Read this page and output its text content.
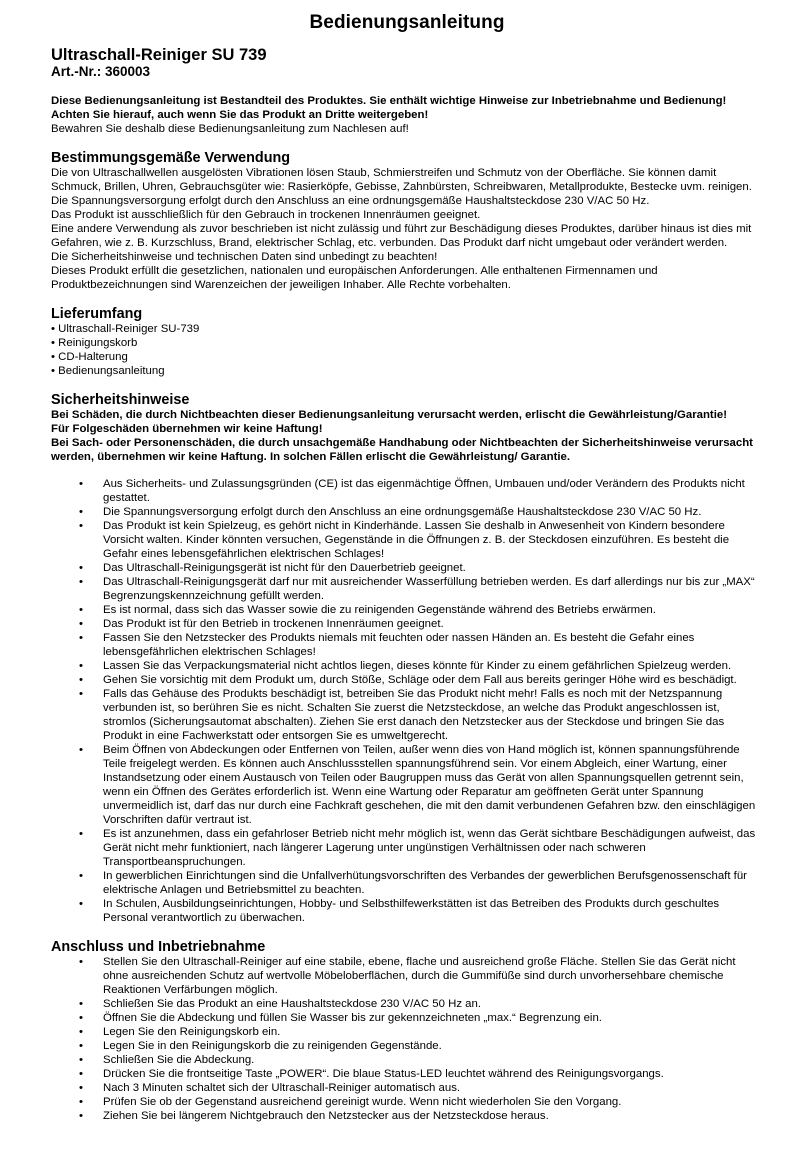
Bedienungsanleitung
Ultraschall-Reiniger SU 739
Art.-Nr.: 360003
Diese Bedienungsanleitung ist Bestandteil des Produktes. Sie enthält wichtige Hinweise zur Inbetriebnahme und Bedienung!
Achten Sie hierauf, auch wenn Sie das Produkt an Dritte weitergeben!
Bewahren Sie deshalb diese Bedienungsanleitung zum Nachlesen auf!
Bestimmungsgemäße Verwendung
Die von Ultraschallwellen ausgelösten Vibrationen lösen Staub, Schmierstreifen und Schmutz von der Oberfläche. Sie können damit Schmuck, Brillen, Uhren, Gebrauchsgüter wie: Rasierköpfe, Gebisse, Zahnbürsten, Schreibwaren, Metallprodukte, Bestecke uvm. reinigen.
Die Spannungsversorgung erfolgt durch den Anschluss an eine ordnungsgemäße Haushaltsteckdose 230 V/AC 50 Hz.
Das Produkt ist ausschließlich für den Gebrauch in trockenen Innenräumen geeignet.
Eine andere Verwendung als zuvor beschrieben ist nicht zulässig und führt zur Beschädigung dieses Produktes, darüber hinaus ist dies mit Gefahren, wie z. B. Kurzschluss, Brand, elektrischer Schlag, etc. verbunden. Das Produkt darf nicht umgebaut oder verändert werden.
Die Sicherheitshinweise und technischen Daten sind unbedingt zu beachten!
Dieses Produkt erfüllt die gesetzlichen, nationalen und europäischen Anforderungen. Alle enthaltenen Firmennamen und Produktbezeichnungen sind Warenzeichen der jeweiligen Inhaber. Alle Rechte vorbehalten.
Lieferumfang
• Ultraschall-Reiniger SU-739
• Reinigungskorb
• CD-Halterung
• Bedienungsanleitung
Sicherheitshinweise
Bei Schäden, die durch Nichtbeachten dieser Bedienungsanleitung verursacht werden, erlischt die Gewährleistung/Garantie!
Für Folgeschäden übernehmen wir keine Haftung!
Bei Sach- oder Personenschäden, die durch unsachgemäße Handhabung oder Nichtbeachten der Sicherheitshinweise verursacht werden, übernehmen wir keine Haftung. In solchen Fällen erlischt die Gewährleistung/ Garantie.
• Aus Sicherheits- und Zulassungsgründen (CE) ist das eigenmächtige Öffnen, Umbauen und/oder Verändern des Produkts nicht gestattet.
• Die Spannungsversorgung erfolgt durch den Anschluss an eine ordnungsgemäße Haushaltsteckdose 230 V/AC 50 Hz.
• Das Produkt ist kein Spielzeug, es gehört nicht in Kinderhände. Lassen Sie deshalb in Anwesenheit von Kindern besondere Vorsicht walten. Kinder könnten versuchen, Gegenstände in die Öffnungen z. B. der Steckdosen einzuführen. Es besteht die Gefahr eines lebensgefährlichen elektrischen Schlages!
• Das Ultraschall-Reinigungsgerät ist nicht für den Dauerbetrieb geeignet.
• Das Ultraschall-Reinigungsgerät darf nur mit ausreichender Wasserfüllung betrieben werden. Es darf allerdings nur bis zur „MAX“ Begrenzungskennzeichnung gefüllt werden.
• Es ist normal, dass sich das Wasser sowie die zu reinigenden Gegenstände während des Betriebs erwärmen.
• Das Produkt ist für den Betrieb in trockenen Innenräumen geeignet.
• Fassen Sie den Netzstecker des Produkts niemals mit feuchten oder nassen Händen an. Es besteht die Gefahr eines lebensgefährlichen elektrischen Schlages!
• Lassen Sie das Verpackungsmaterial nicht achtlos liegen, dieses könnte für Kinder zu einem gefährlichen Spielzeug werden.
• Gehen Sie vorsichtig mit dem Produkt um, durch Stöße, Schläge oder dem Fall aus bereits geringer Höhe wird es beschädigt.
• Falls das Gehäuse des Produkts beschädigt ist, betreiben Sie das Produkt nicht mehr! Falls es noch mit der Netzspannung verbunden ist, so berühren Sie es nicht. Schalten Sie zuerst die Netzsteckdose, an welche das Produkt angeschlossen ist, stromlos (Sicherungsautomat abschalten). Ziehen Sie erst danach den Netzstecker aus der Steckdose und bringen Sie das Produkt in eine Fachwerkstatt oder entsorgen Sie es umweltgerecht.
• Beim Öffnen von Abdeckungen oder Entfernen von Teilen, außer wenn dies von Hand möglich ist, können spannungsführende Teile freigelegt werden. Es können auch Anschlussstellen spannungsführend sein. Vor einem Abgleich, einer Wartung, einer Instandsetzung oder einem Austausch von Teilen oder Baugruppen muss das Gerät von allen Spannungsquellen getrennt sein, wenn ein Öffnen des Gerätes erforderlich ist. Wenn eine Wartung oder Reparatur am geöffneten Gerät unter Spannung unvermeidlich ist, darf das nur durch eine Fachkraft geschehen, die mit den damit verbundenen Gefahren bzw. den einschlägigen Vorschriften dafür vertraut ist.
• Es ist anzunehmen, dass ein gefahrloser Betrieb nicht mehr möglich ist, wenn das Gerät sichtbare Beschädigungen aufweist, das Gerät nicht mehr funktioniert, nach längerer Lagerung unter ungünstigen Verhältnissen oder nach schweren Transportbeanspruchungen.
• In gewerblichen Einrichtungen sind die Unfallverhütungsvorschriften des Verbandes der gewerblichen Berufsgenossenschaft für elektrische Anlagen und Betriebsmittel zu beachten.
• In Schulen, Ausbildungseinrichtungen, Hobby- und Selbsthilfewerkstätten ist das Betreiben des Produkts durch geschultes Personal verantwortlich zu überwachen.
Anschluss und Inbetriebnahme
• Stellen Sie den Ultraschall-Reiniger auf eine stabile, ebene, flache und ausreichend große Fläche. Stellen Sie das Gerät nicht ohne ausreichenden Schutz auf wertvolle Möbeloberflächen, durch die Gummifüße sind durch unvorhersehbare chemische Reaktionen Verfärbungen möglich.
• Schließen Sie das Produkt an eine Haushaltsteckdose 230 V/AC 50 Hz an.
• Öffnen Sie die Abdeckung und füllen Sie Wasser bis zur gekennzeichneten „max.“ Begrenzung ein.
• Legen Sie den Reinigungskorb ein.
• Legen Sie in den Reinigungskorb die zu reinigenden Gegenstände.
• Schließen Sie die Abdeckung.
• Drücken Sie die frontseitige Taste „POWER“. Die blaue Status-LED leuchtet während des Reinigungsvorgangs.
• Nach 3 Minuten schaltet sich der Ultraschall-Reiniger automatisch aus.
• Prüfen Sie ob der Gegenstand ausreichend gereinigt wurde. Wenn nicht wiederholen Sie den Vorgang.
• Ziehen Sie bei längerem Nichtgebrauch den Netzstecker aus der Netzsteckdose heraus.
